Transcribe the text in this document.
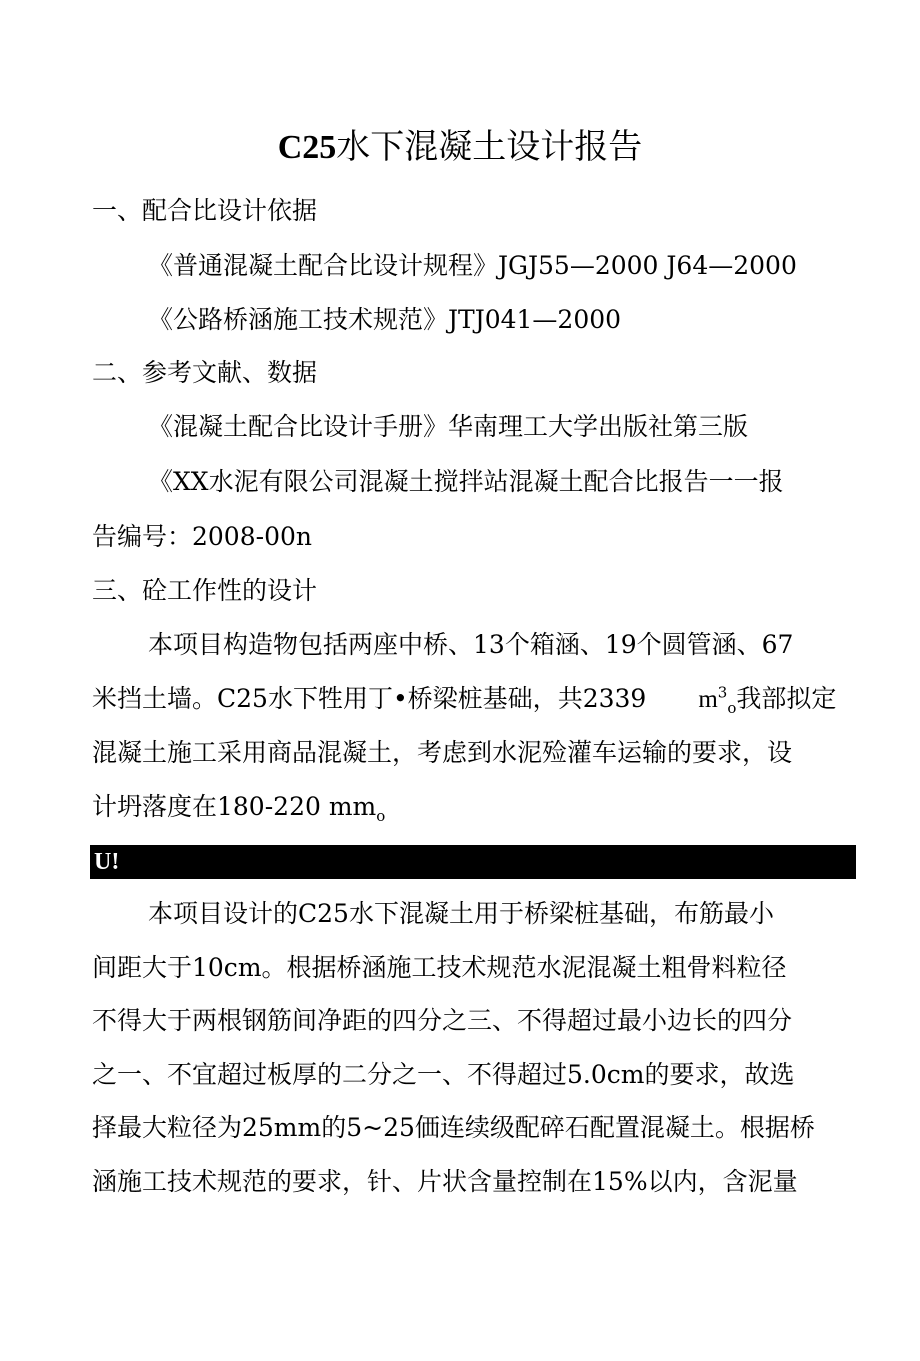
C25水下混凝土设计报告
一、配合比设计依据
《普通混凝土配合比设计规程》JGJ55—2000 J64—2000
《公路桥涵施工技术规范》JTJ041—2000
二、参考文献、数据
《混凝土配合比设计手册》华南理工大学出版社第三版
《XX水泥有限公司混凝土搅拌站混凝土配合比报告一一报
告编号：2008-00n
三、砼工作性的设计
本项目构造物包括两座中桥、13个箱涵、19个圆管涵、67
米挡土墙。C25水下牲用丁•桥梁桩基础，共2339 $m^3_o$我部拟定
混凝土施工采用商品混凝土，考虑到水泥殓灌车运输的要求，设
计坍落度在180-220 $mm_o$
U!
本项目设计的C25水下混凝土用于桥梁桩基础，布筋最小
间距大于10cm。根据桥涵施工技术规范水泥混凝土粗骨料粒径
不得大于两根钢筋间净距的四分之三、不得超过最小边长的四分
之一、不宜超过板厚的二分之一、不得超过5.0cm的要求，故选
择最大粒径为25mm的5~25価连续级配碎石配置混凝土。根据桥
涵施工技术规范的要求，针、片状含量控制在15%以内，含泥量
